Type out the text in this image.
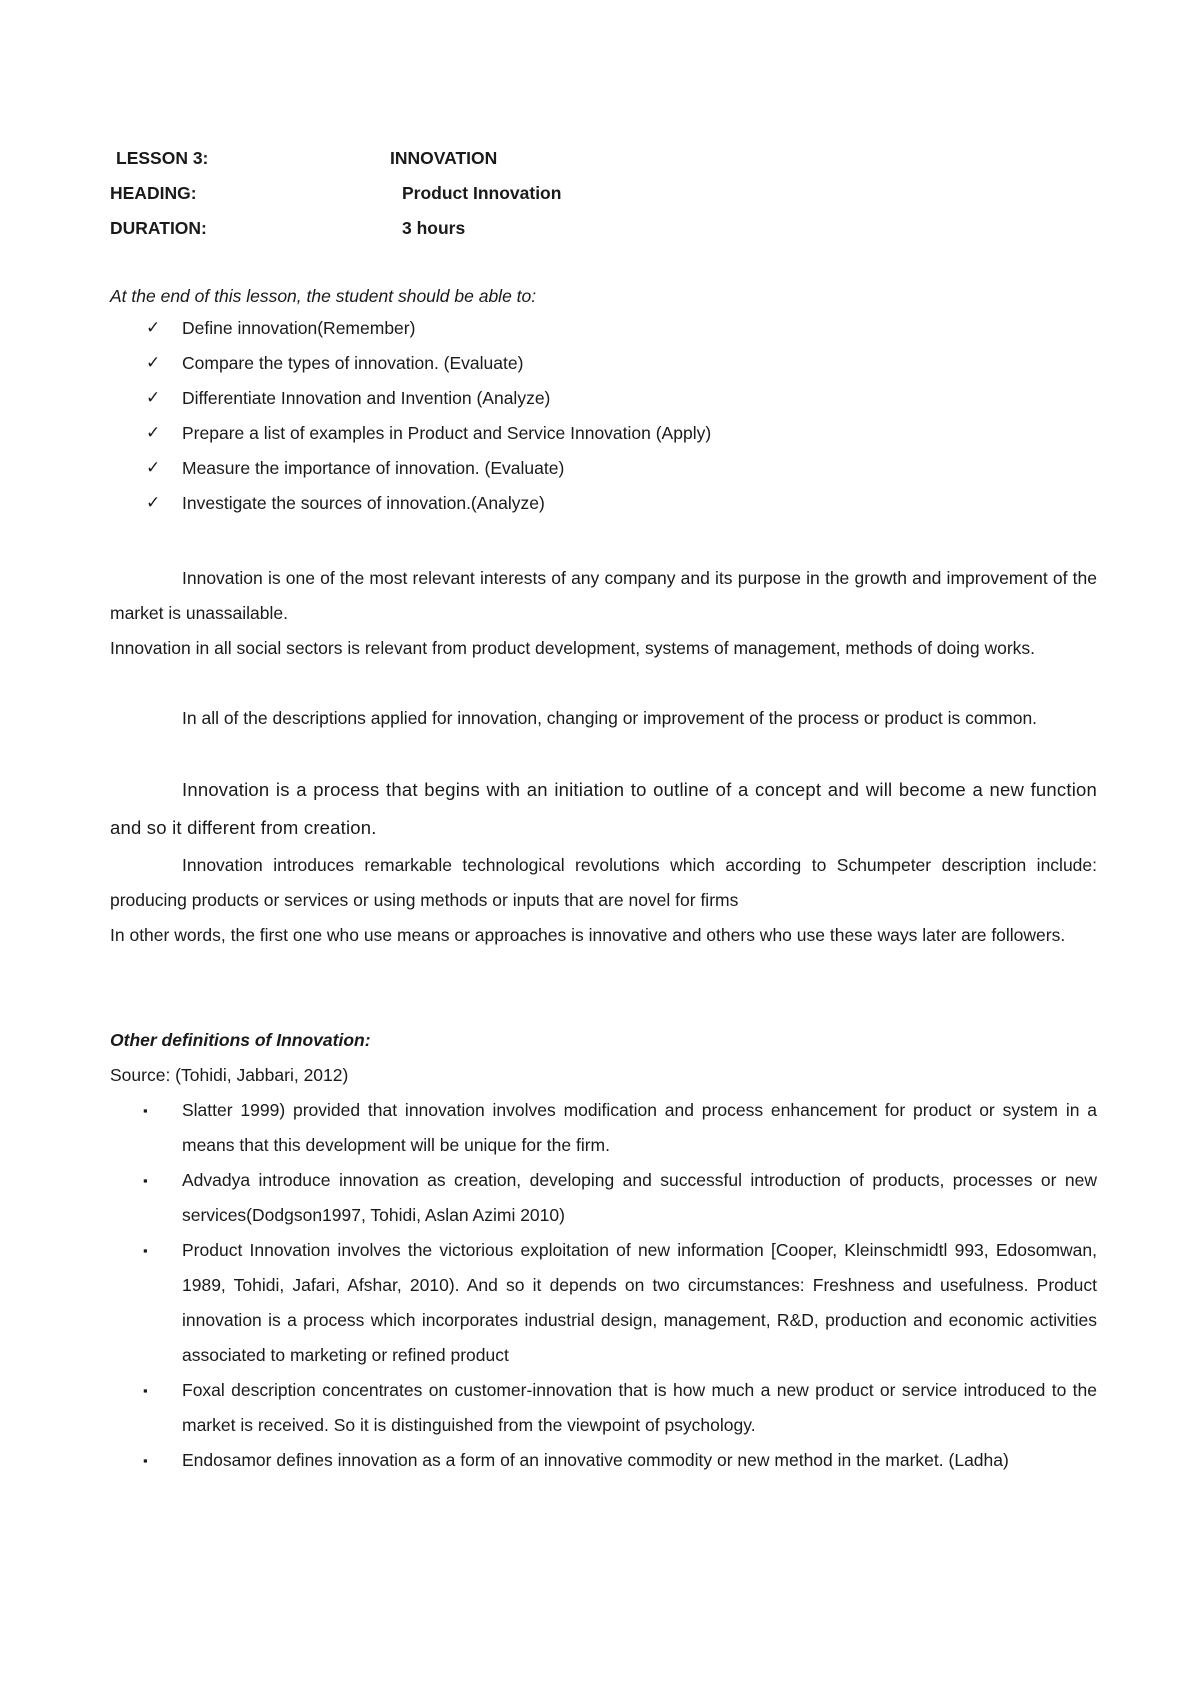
LESSON 3:	INNOVATION
HEADING:	Product Innovation
DURATION:	3 hours
At the end of this lesson, the student should be able to:
✓ Define innovation(Remember)
✓ Compare the types of innovation. (Evaluate)
✓ Differentiate Innovation and Invention (Analyze)
✓ Prepare a list of examples in Product and Service Innovation (Apply)
✓ Measure the importance of innovation. (Evaluate)
✓ Investigate the sources of innovation.(Analyze)

Innovation is one of the most relevant interests of any company and its purpose in the growth and improvement of the market is unassailable.

Innovation in all social sectors is relevant from product development, systems of management, methods of doing works.

In all of the descriptions applied for innovation, changing or improvement of the process or product is common.

Innovation is a process that begins with an initiation to outline of a concept and will become a new function and so it different from creation.

Innovation introduces remarkable technological revolutions which according to Schumpeter description include: producing products or services or using methods or inputs that are novel for firms

In other words, the first one who use means or approaches is innovative and others who use these ways later are followers.

Other definitions of Innovation:
Source: (Tohidi, Jabbari, 2012)
▪ Slatter 1999) provided that innovation involves modification and process enhancement for product or system in a means that this development will be unique for the firm.
▪ Advadya introduce innovation as creation, developing and successful introduction of products, processes or new services(Dodgson1997, Tohidi, Aslan Azimi 2010)
▪ Product Innovation involves the victorious exploitation of new information [Cooper, Kleinschmidtl 993, Edosomwan, 1989, Tohidi, Jafari, Afshar, 2010). And so it depends on two circumstances: Freshness and usefulness. Product innovation is a process which incorporates industrial design, management, R&D, production and economic activities associated to marketing or refined product
▪ Foxal description concentrates on customer-innovation that is how much a new product or service introduced to the market is received. So it is distinguished from the viewpoint of psychology.
▪ Endosamor defines innovation as a form of an innovative commodity or new method in the market. (Ladha)
